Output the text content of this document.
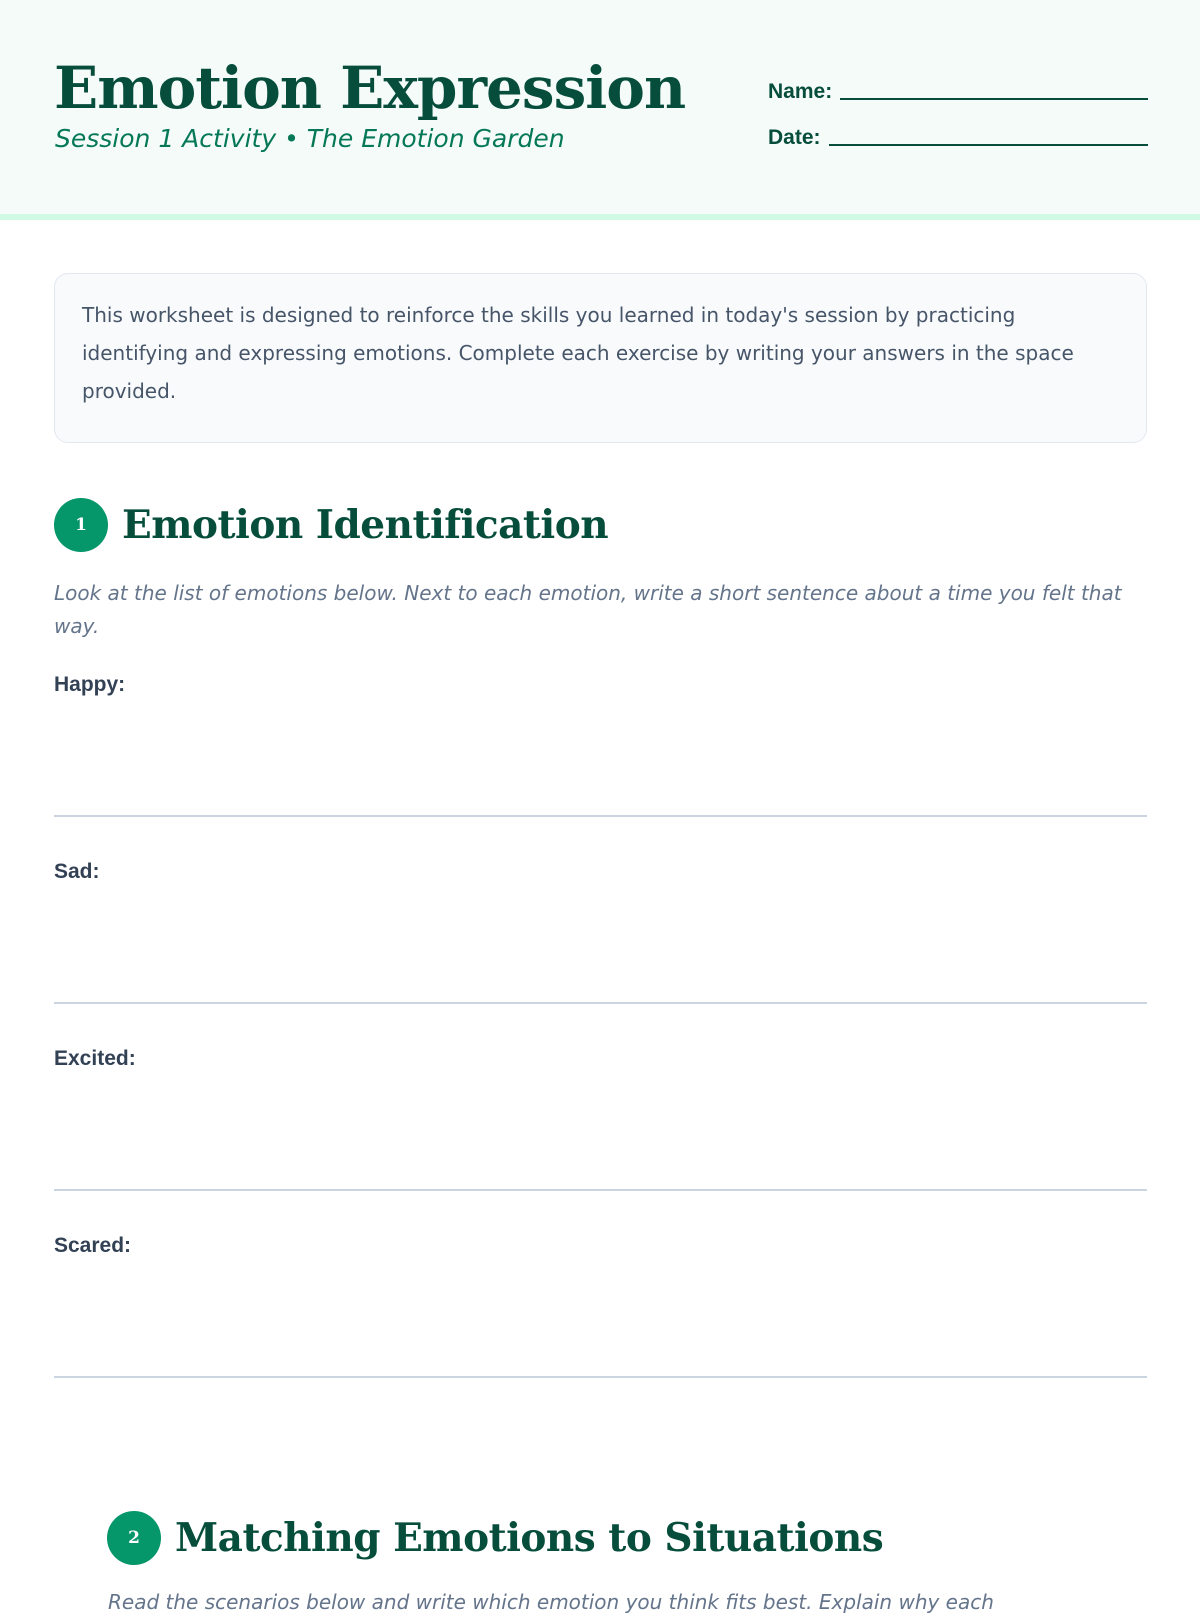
Emotion Expression

Session 1 Activity • The Emotion Garden

Name:
Date:
This worksheet is designed to reinforce the skills you learned in today's session by practicing identifying and expressing emotions. Complete each exercise by writing your answers in the space provided.
1 Emotion Identification

Look at the list of emotions below. Next to each emotion, write a short sentence about a time you felt that way.

Happy:
Sad:
Excited:
Scared:
2 Matching Emotions to Situations

Read the scenarios below and write which emotion you think fits best. Explain why each
